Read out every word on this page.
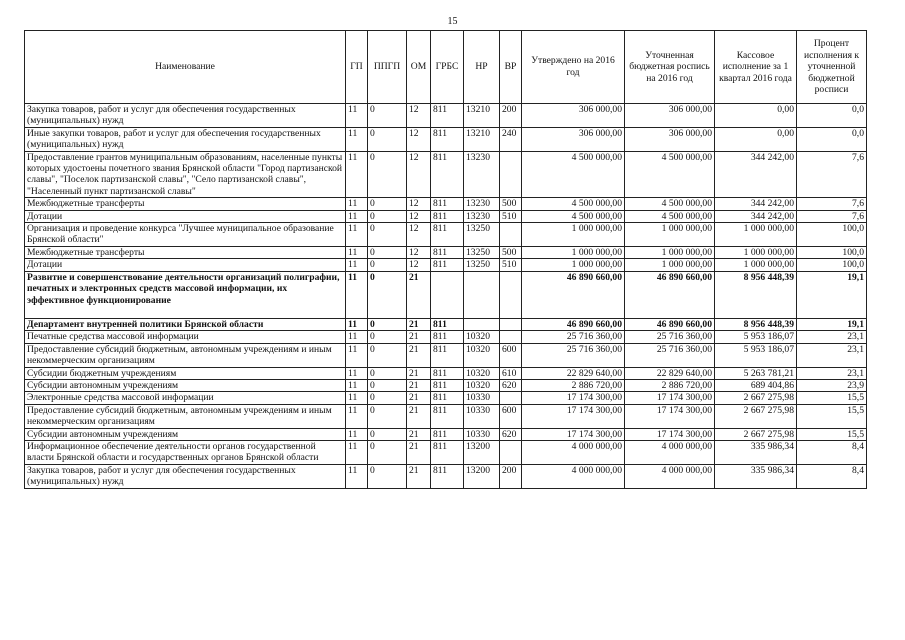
15
Наименование	ГП	ППГП	ОМ	ГРБС	НР	ВР	Утверждено на 2016 год	Уточненная бюджетная роспись на 2016 год	Кассовое исполнение за 1 квартал 2016 года	Процент исполнения к уточненной бюджетной росписи
Закупка товаров, работ и услуг для обеспечения государственных (муниципальных) нужд	11	0	12	811	13210	200	306 000,00	306 000,00	0,00	0,0
Иные закупки товаров, работ и услуг для обеспечения государственных (муниципальных) нужд	11	0	12	811	13210	240	306 000,00	306 000,00	0,00	0,0
Предоставление грантов муниципальным образованиям, населенные пункты которых удостоены почетного звания Брянской области "Город партизанской славы", "Поселок партизанской славы", "Село партизанской славы", "Населенный пункт партизанской славы"	11	0	12	811	13230		4 500 000,00	4 500 000,00	344 242,00	7,6
Межбюджетные трансферты	11	0	12	811	13230	500	4 500 000,00	4 500 000,00	344 242,00	7,6
Дотации	11	0	12	811	13230	510	4 500 000,00	4 500 000,00	344 242,00	7,6
Организация и проведение конкурса "Лучшее муниципальное образование Брянской области"	11	0	12	811	13250		1 000 000,00	1 000 000,00	1 000 000,00	100,0
Межбюджетные трансферты	11	0	12	811	13250	500	1 000 000,00	1 000 000,00	1 000 000,00	100,0
Дотации	11	0	12	811	13250	510	1 000 000,00	1 000 000,00	1 000 000,00	100,0
Развитие и совершенствование деятельности организаций полиграфии, печатных и электронных средств массовой информации, их эффективное функционирование	11	0	21				46 890 660,00	46 890 660,00	8 956 448,39	19,1
Департамент внутренней политики Брянской области	11	0	21	811			46 890 660,00	46 890 660,00	8 956 448,39	19,1
Печатные средства массовой информации	11	0	21	811	10320		25 716 360,00	25 716 360,00	5 953 186,07	23,1
Предоставление субсидий бюджетным, автономным учреждениям и иным некоммерческим организациям	11	0	21	811	10320	600	25 716 360,00	25 716 360,00	5 953 186,07	23,1
Субсидии бюджетным учреждениям	11	0	21	811	10320	610	22 829 640,00	22 829 640,00	5 263 781,21	23,1
Субсидии автономным учреждениям	11	0	21	811	10320	620	2 886 720,00	2 886 720,00	689 404,86	23,9
Электронные средства массовой информации	11	0	21	811	10330		17 174 300,00	17 174 300,00	2 667 275,98	15,5
Предоставление субсидий бюджетным, автономным учреждениям и иным некоммерческим организациям	11	0	21	811	10330	600	17 174 300,00	17 174 300,00	2 667 275,98	15,5
Субсидии автономным учреждениям	11	0	21	811	10330	620	17 174 300,00	17 174 300,00	2 667 275,98	15,5
Информационное обеспечение деятельности органов государственной власти Брянской области и государственных органов Брянской области	11	0	21	811	13200		4 000 000,00	4 000 000,00	335 986,34	8,4
Закупка товаров, работ и услуг для обеспечения государственных (муниципальных) нужд	11	0	21	811	13200	200	4 000 000,00	4 000 000,00	335 986,34	8,4
